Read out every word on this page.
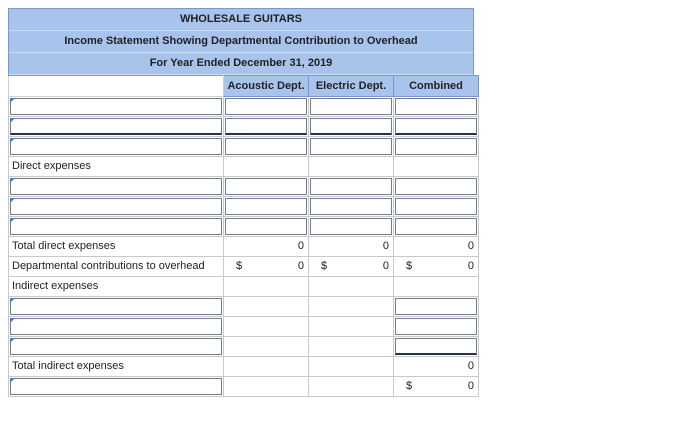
WHOLESALE GUITARS
Income Statement Showing Departmental Contribution to Overhead
For Year Ended December 31, 2019
	Acoustic Dept.	Electric Dept.	Combined

Direct expenses			

Total direct expenses	0	0	0

Departmental contributions to overhead	$ 0	$ 0	$ 0

Indirect expenses			

Total indirect expenses			0

			$ 0
